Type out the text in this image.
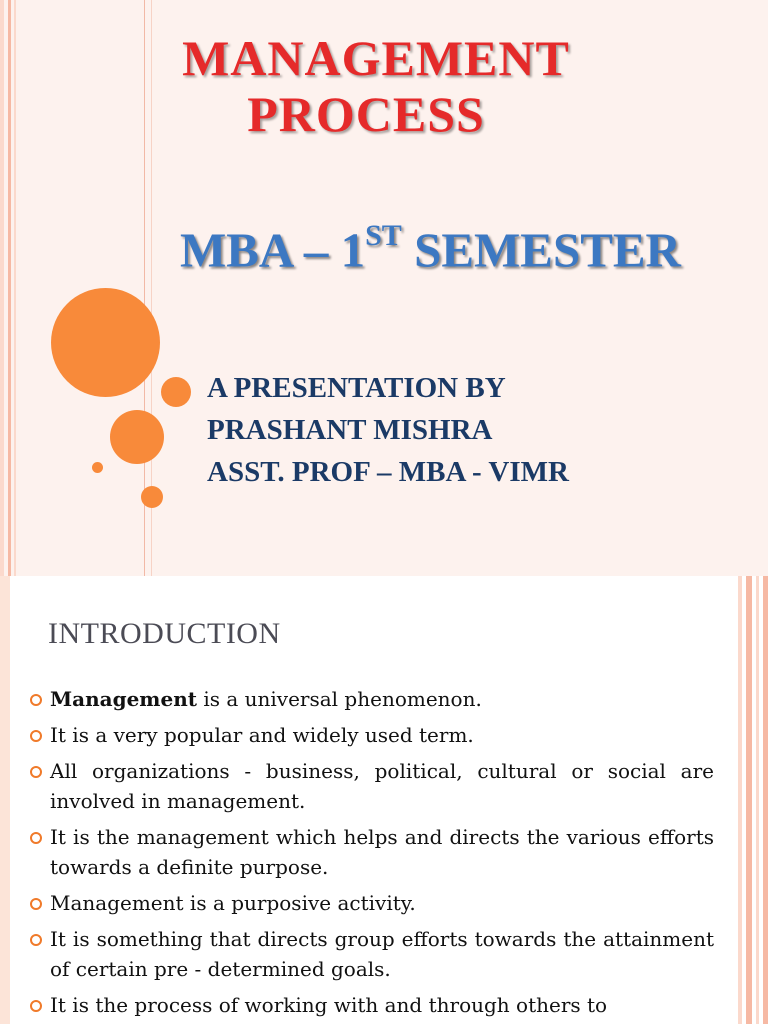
MANAGEMENT
PROCESS
MBA – 1ST SEMESTER
A PRESENTATION BY
PRASHANT MISHRA
ASST. PROF – MBA - VIMR
INTRODUCTION
Management is a universal phenomenon.
It is a very popular and widely used term.
All organizations - business, political, cultural or social are involved in management.
It is the management which helps and directs the various efforts towards a definite purpose.
Management is a purposive activity.
It is something that directs group efforts towards the attainment of certain pre - determined goals.
It is the process of working with and through others to
